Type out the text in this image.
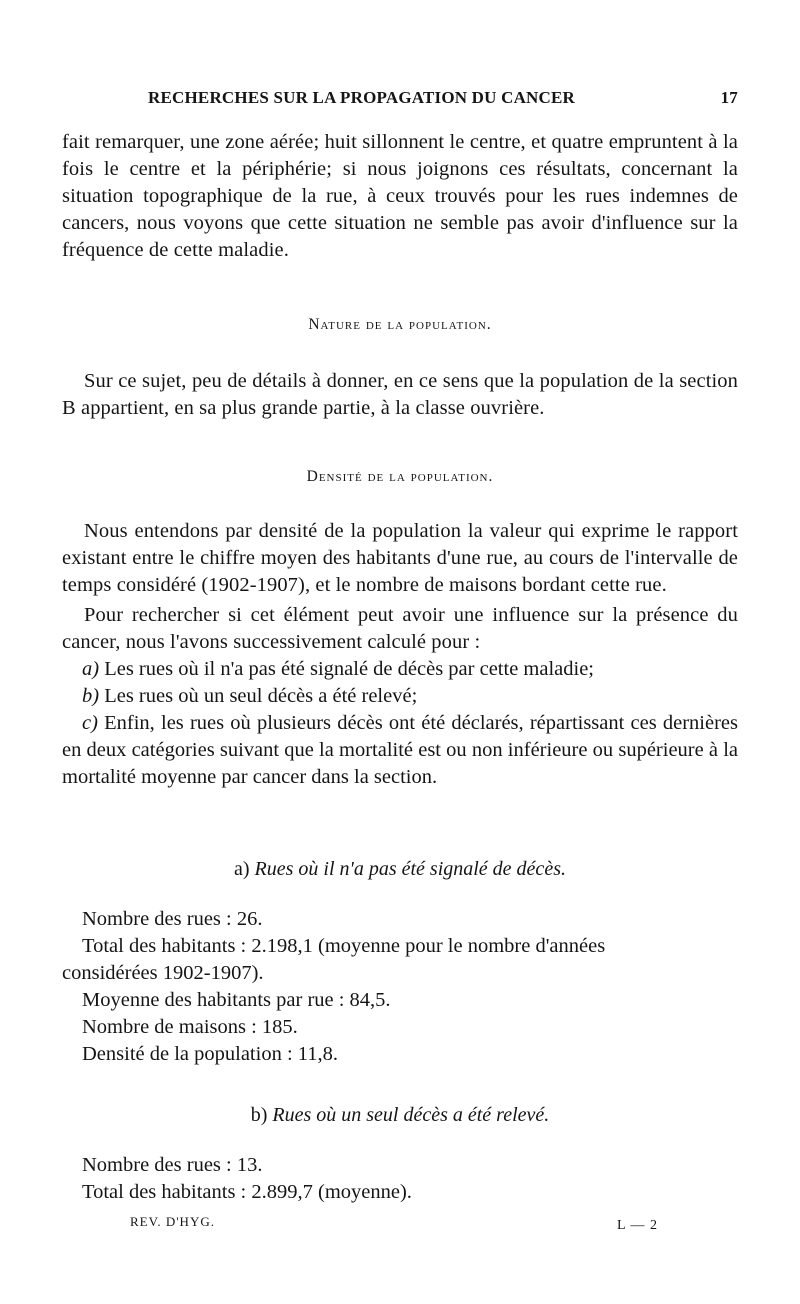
RECHERCHES SUR LA PROPAGATION DU CANCER	17

fait remarquer, une zone aérée; huit sillonnent le centre, et quatre empruntent à la fois le centre et la périphérie; si nous joignons ces résultats, concernant la situation topographique de la rue, à ceux trouvés pour les rues indemnes de cancers, nous voyons que cette situation ne semble pas avoir d'influence sur la fréquence de cette maladie.

Nature de la population.

Sur ce sujet, peu de détails à donner, en ce sens que la population de la section B appartient, en sa plus grande partie, à la classe ouvrière.

Densité de la population.

Nous entendons par densité de la population la valeur qui exprime le rapport existant entre le chiffre moyen des habitants d'une rue, au cours de l'intervalle de temps considéré (1902-1907), et le nombre de maisons bordant cette rue.

Pour rechercher si cet élément peut avoir une influence sur la présence du cancer, nous l'avons successivement calculé pour :

a) Les rues où il n'a pas été signalé de décès par cette maladie;

b) Les rues où un seul décès a été relevé;

c) Enfin, les rues où plusieurs décès ont été déclarés, répartissant ces dernières en deux catégories suivant que la mortalité est ou non inférieure ou supérieure à la mortalité moyenne par cancer dans la section.

a) Rues où il n'a pas été signalé de décès.

Nombre des rues : 26.

Total des habitants : 2.198,1 (moyenne pour le nombre d'années

considérées 1902-1907).

Moyenne des habitants par rue : 84,5.

Nombre de maisons : 185.

Densité de la population : 11,8.

b) Rues où un seul décès a été relevé.

Nombre des rues : 13.

Total des habitants : 2.899,7 (moyenne).

REV. D'HYG.	L — 2
